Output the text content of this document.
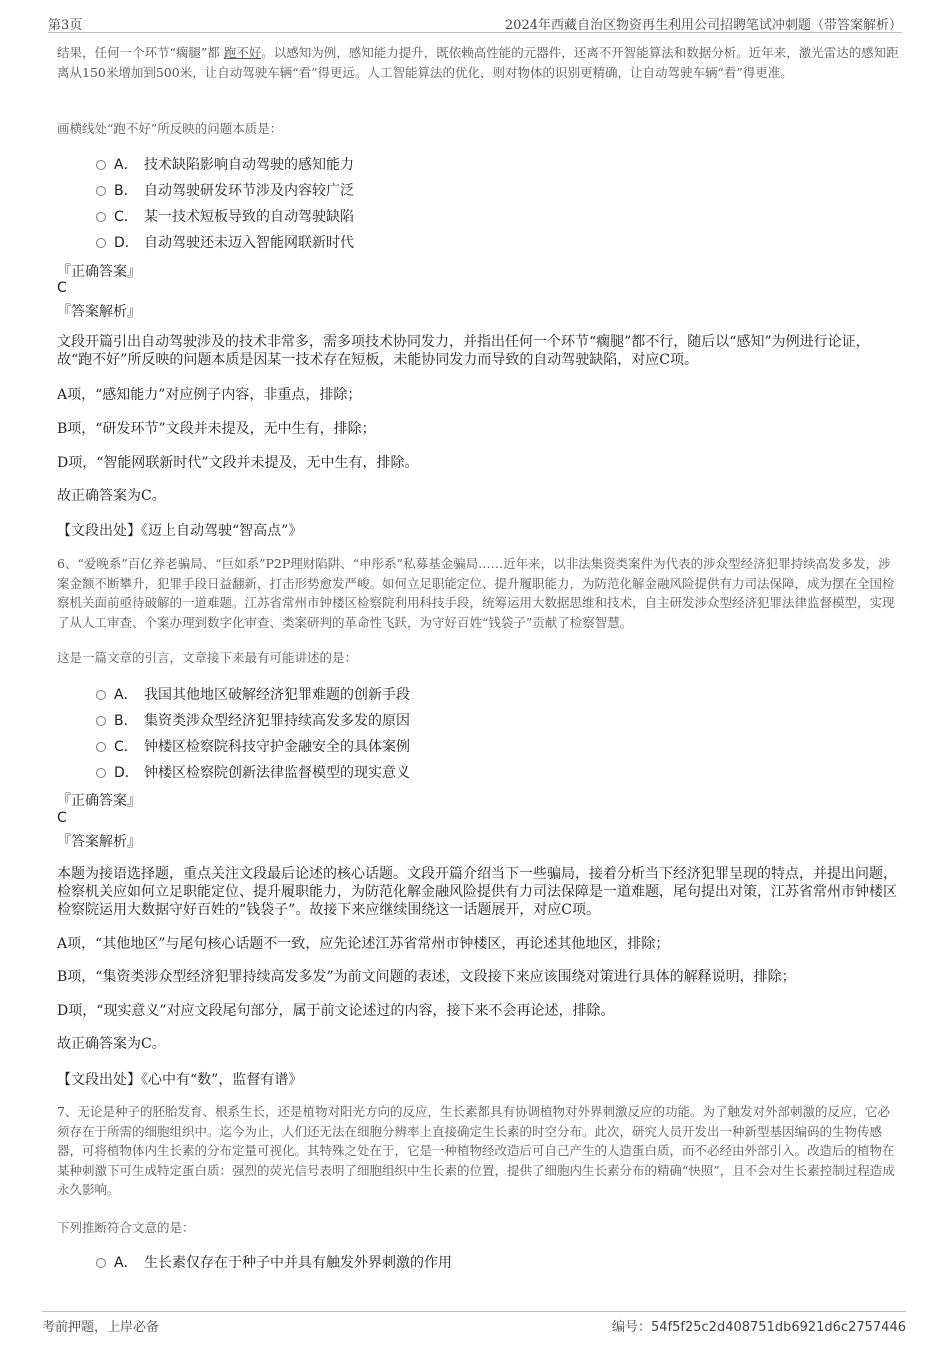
第3页	2024年西藏自治区物资再生利用公司招聘笔试冲刺题（带答案解析）
结果，任何一个环节“瘸腿”都 跑不好。以感知为例，感知能力提升，既依赖高性能的元器件，还离不开智能算法和数据分析。近年来，激光雷达的感知距离从150米增加到500米，让自动驾驶车辆“看”得更远。人工智能算法的优化，则对物体的识别更精确，让自动驾驶车辆“看”得更准。
画横线处“跑不好”所反映的问题本质是：
A． 技术缺陷影响自动驾驶的感知能力
B． 自动驾驶研发环节涉及内容较广泛
C． 某一技术短板导致的自动驾驶缺陷
D． 自动驾驶还未迈入智能网联新时代
『正确答案』
C
『答案解析』
文段开篇引出自动驾驶涉及的技术非常多，需多项技术协同发力，并指出任何一个环节“瘸腿”都不行，随后以“感知”为例进行论证，故“跑不好”所反映的问题本质是因某一技术存在短板，未能协同发力而导致的自动驾驶缺陷，对应C项。
A项，“感知能力”对应例子内容，非重点，排除；
B项，“研发环节”文段并未提及，无中生有，排除；
D项，“智能网联新时代”文段并未提及，无中生有，排除。
故正确答案为C。
【文段出处】《迈上自动驾驶“智高点”》
6、“爱晚系”百亿养老骗局、“巨如系”P2P理财陷阱、“申彤系”私募基金骗局……近年来，以非法集资类案件为代表的涉众型经济犯罪持续高发多发，涉案金额不断攀升，犯罪手段日益翻新，打击形势愈发严峻。如何立足职能定位、提升履职能力，为防范化解金融风险提供有力司法保障，成为摆在全国检察机关面前亟待破解的一道难题。江苏省常州市钟楼区检察院利用科技手段，统筹运用大数据思维和技术，自主研发涉众型经济犯罪法律监督模型，实现了从人工审查、个案办理到数字化审查、类案研判的革命性飞跃，为守好百姓“钱袋子”贡献了检察智慧。
这是一篇文章的引言，文章接下来最有可能讲述的是：
A． 我国其他地区破解经济犯罪难题的创新手段
B． 集资类涉众型经济犯罪持续高发多发的原因
C． 钟楼区检察院科技守护金融安全的具体案例
D． 钟楼区检察院创新法律监督模型的现实意义
『正确答案』
C
『答案解析』
本题为接语选择题，重点关注文段最后论述的核心话题。文段开篇介绍当下一些骗局，接着分析当下经济犯罪呈现的特点，并提出问题，检察机关应如何立足职能定位、提升履职能力，为防范化解金融风险提供有力司法保障是一道难题，尾句提出对策，江苏省常州市钟楼区检察院运用大数据守好百姓的“钱袋子”。故接下来应继续围绕这一话题展开，对应C项。
A项，“其他地区”与尾句核心话题不一致，应先论述江苏省常州市钟楼区，再论述其他地区，排除；
B项，“集资类涉众型经济犯罪持续高发多发”为前文问题的表述，文段接下来应该围绕对策进行具体的解释说明，排除；
D项，“现实意义”对应文段尾句部分，属于前文论述过的内容，接下来不会再论述，排除。
故正确答案为C。
【文段出处】《心中有“数”，监督有谱》
7、无论是种子的胚胎发育、根系生长，还是植物对阳光方向的反应，生长素都具有协调植物对外界刺激反应的功能。为了触发对外部刺激的反应，它必须存在于所需的细胞组织中。迄今为止，人们还无法在细胞分辨率上直接确定生长素的时空分布。此次，研究人员开发出一种新型基因编码的生物传感器，可将植物体内生长素的分布定量可视化。其特殊之处在于，它是一种植物经改造后可自己产生的人造蛋白质，而不必经由外部引入。改造后的植物在某种刺激下可生成特定蛋白质：强烈的荧光信号表明了细胞组织中生长素的位置，提供了细胞内生长素分布的精确“快照”，且不会对生长素控制过程造成永久影响。
下列推断符合文意的是：
A． 生长素仅存在于种子中并具有触发外界刺激的作用
考前押题，上岸必备	编号：54f5f25c2d408751db6921d6c2757446
